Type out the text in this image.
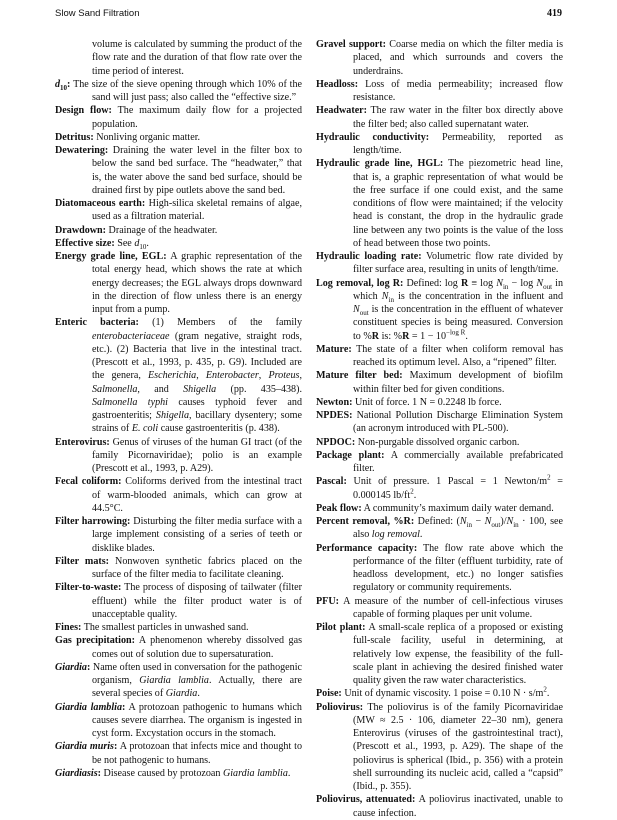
Slow Sand Filtration	419

volume is calculated by summing the product of the flow rate and the duration of that flow rate over the time period of interest.

$d_{10}$: The size of the sieve opening through which 10% of the sand will just pass; also called the “effective size.”

Design flow: The maximum daily flow for a projected population.

Detritus: Nonliving organic matter.

Dewatering: Draining the water level in the filter box to below the sand bed surface. The “headwater,” that is, the water above the sand bed surface, should be drained first by pipe outlets above the sand bed.

Diatomaceous earth: High-silica skeletal remains of algae, used as a filtration material.

Drawdown: Drainage of the headwater.

Effective size: See $d_{10}$.

Energy grade line, EGL: A graphic representation of the total energy head, which shows the rate at which energy decreases; the EGL always drops downward in the direction of flow unless there is an energy input from a pump.

Enteric bacteria: (1) Members of the family enterobacteriaceae (gram negative, straight rods, etc.). (2) Bacteria that live in the intestinal tract. (Prescott et al., 1993, p. 435, p. G9). Included are the genera, Escherichia, Enterobacter, Proteus, Salmonella, and Shigella (pp. 435–438). Salmonella typhi causes typhoid fever and gastroenteritis; Shigella, bacillary dysentery; some strains of E. coli cause gastroenteritis (p. 438).

Enterovirus: Genus of viruses of the human GI tract (of the family Picornaviridae); polio is an example (Prescott et al., 1993, p. A29).

Fecal coliform: Coliforms derived from the intestinal tract of warm-blooded animals, which can grow at 44.5°C.

Filter harrowing: Disturbing the filter media surface with a large implement consisting of a series of teeth or disklike blades.

Filter mats: Nonwoven synthetic fabrics placed on the surface of the filter media to facilitate cleaning.

Filter-to-waste: The process of disposing of tailwater (filter effluent) while the filter product water is of unacceptable quality.

Fines: The smallest particles in unwashed sand.

Gas precipitation: A phenomenon whereby dissolved gas comes out of solution due to supersaturation.

Giardia: Name often used in conversation for the pathogenic organism, Giardia lamblia. Actually, there are several species of Giardia.

Giardia lamblia: A protozoan pathogenic to humans which causes severe diarrhea. The organism is ingested in cyst form. Excystation occurs in the stomach.

Giardia muris: A protozoan that infects mice and thought to be not pathogenic to humans.

Giardiasis: Disease caused by protozoan Giardia lamblia.

Gravel support: Coarse media on which the filter media is placed, and which surrounds and covers the underdrains.

Headloss: Loss of media permeability; increased flow resistance.

Headwater: The raw water in the filter box directly above the filter bed; also called supernatant water.

Hydraulic conductivity: Permeability, reported as length/time.

Hydraulic grade line, HGL: The piezometric head line, that is, a graphic representation of what would be the free surface if one could exist, and the same conditions of flow were maintained; if the velocity head is constant, the drop in the hydraulic grade line between any two points is the value of the loss of head between those two points.

Hydraulic loading rate: Volumetric flow rate divided by filter surface area, resulting in units of length/time.

Log removal, log R: Defined: $\log R \equiv \log N_{in} - \log N_{out}$ in which $N_{in}$ is the concentration in the influent and $N_{out}$ is the concentration in the effluent of whatever constituent species is being measured. Conversion to %R is: $\%R = 1 - 10^{-log R}$.

Mature: The state of a filter when coliform removal has reached its optimum level. Also, a “ripened” filter.

Mature filter bed: Maximum development of biofilm within filter bed for given conditions.

Newton: Unit of force. 1 N = 0.2248 lb force.

NPDES: National Pollution Discharge Elimination System (an acronym introduced with PL-500).

NPDOC: Non-purgable dissolved organic carbon.

Package plant: A commercially available prefabricated filter.

Pascal: Unit of pressure. 1 Pascal = 1 Newton/$m^2 = 0.000145$ $lb/ft^2$.

Peak flow: A community’s maximum daily water demand.

Percent removal, %R: Defined: $(N_{in} - N_{out})/N_{in} \cdot 100$, see also log removal.

Performance capacity: The flow rate above which the performance of the filter (effluent turbidity, rate of headloss development, etc.) no longer satisfies regulatory or community requirements.

PFU: A measure of the number of cell-infectious viruses capable of forming plaques per unit volume.

Pilot plant: A small-scale replica of a proposed or existing full-scale facility, useful in determining, at relatively low expense, the feasibility of the full-scale plant in achieving the desired finished water quality given the raw water characteristics.

Poise: Unit of dynamic viscosity. 1 poise = 0.10 $N \cdot s/m^2$.

Poliovirus: The poliovirus is of the family Picornaviridae (MW ≈ 2.5 · 106, diameter 22–30 nm), genera Enterovirus (viruses of the gastrointestinal tract), (Prescott et al., 1993, p. A29). The shape of the poliovirus is spherical (Ibid., p. 356) with a protein shell surrounding its nucleic acid, called a “capsid” (Ibid., p. 355).

Poliovirus, attenuated: A poliovirus inactivated, unable to cause infection.
